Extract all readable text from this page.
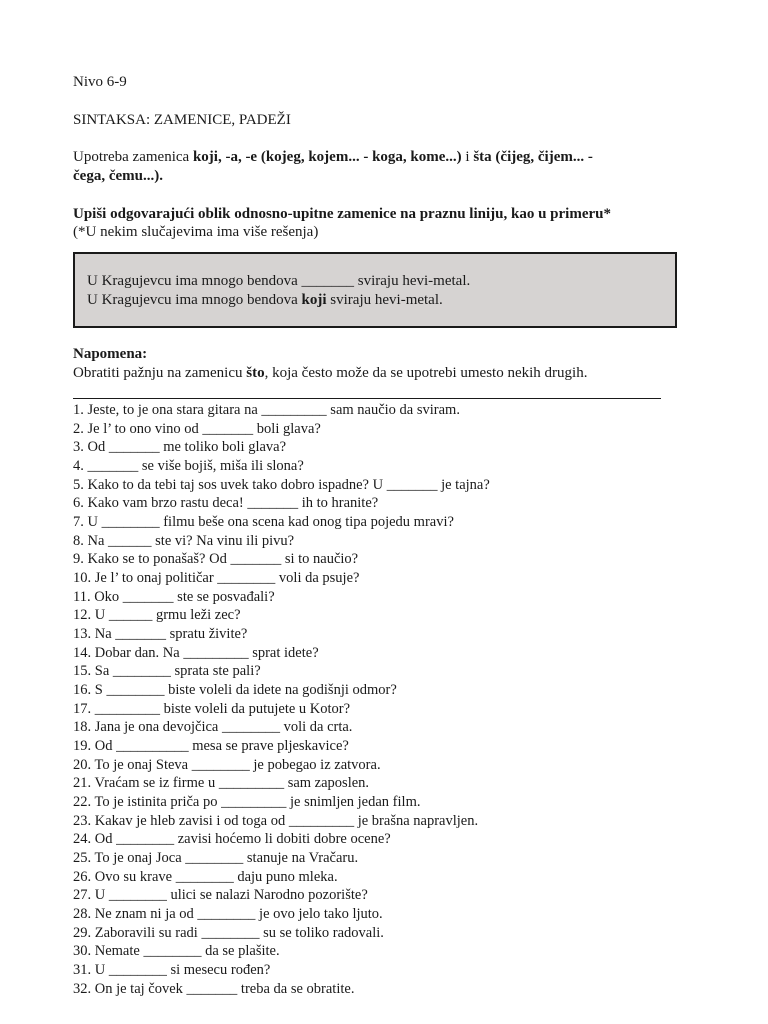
Nivo 6-9
SINTAKSA: ZAMENICE, PADEŽI
Upotreba zamenica koji, -a, -e (kojeg, kojem... - koga, kome...) i šta (čijeg, čijem... -
čega, čemu...).
Upiši odgovarajući oblik odnosno-upitne zamenice na praznu liniju, kao u primeru*
(*U nekim slučajevima ima više rešenja)
U Kragujevcu ima mnogo bendova _______ sviraju hevi-metal.
U Kragujevcu ima mnogo bendova koji sviraju hevi-metal.
Napomena:
Obratiti pažnju na zamenicu što, koja često može da se upotrebi umesto nekih drugih.
1. Jeste, to je ona stara gitara na _________ sam naučio da sviram.
2. Je l’ to ono vino od _______ boli glava?
3. Od _______ me toliko boli glava?
4. _______ se više bojiš, miša ili slona?
5. Kako to da tebi taj sos uvek tako dobro ispadne? U _______ je tajna?
6. Kako vam brzo rastu deca! _______ ih to hranite?
7. U ________ filmu beše ona scena kad onog tipa pojedu mravi?
8. Na ______ ste vi? Na vinu ili pivu?
9. Kako se to ponašaš? Od _______ si to naučio?
10. Je l’ to onaj političar ________ voli da psuje?
11. Oko _______ ste se posvađali?
12. U ______ grmu leži zec?
13. Na _______ spratu živite?
14. Dobar dan. Na _________ sprat idete?
15. Sa ________ sprata ste pali?
16. S ________ biste voleli da idete na godišnji odmor?
17. _________ biste voleli da putujete u Kotor?
18. Jana je ona devojčica ________ voli da crta.
19. Od __________ mesa se prave pljeskavice?
20. To je onaj Steva ________ je pobegao iz zatvora.
21. Vraćam se iz firme u _________ sam zaposlen.
22. To je istinita priča po _________ je snimljen jedan film.
23. Kakav je hleb zavisi i od toga od _________ je brašna napravljen.
24. Od ________ zavisi hoćemo li dobiti dobre ocene?
25. To je onaj Joca ________ stanuje na Vračaru.
26. Ovo su krave ________ daju puno mleka.
27. U ________ ulici se nalazi Narodno pozorište?
28. Ne znam ni ja od ________ je ovo jelo tako ljuto.
29. Zaboravili su radi ________ su se toliko radovali.
30. Nemate ________ da se plašite.
31. U ________ si mesecu rođen?
32. On je taj čovek _______ treba da se obratite.
